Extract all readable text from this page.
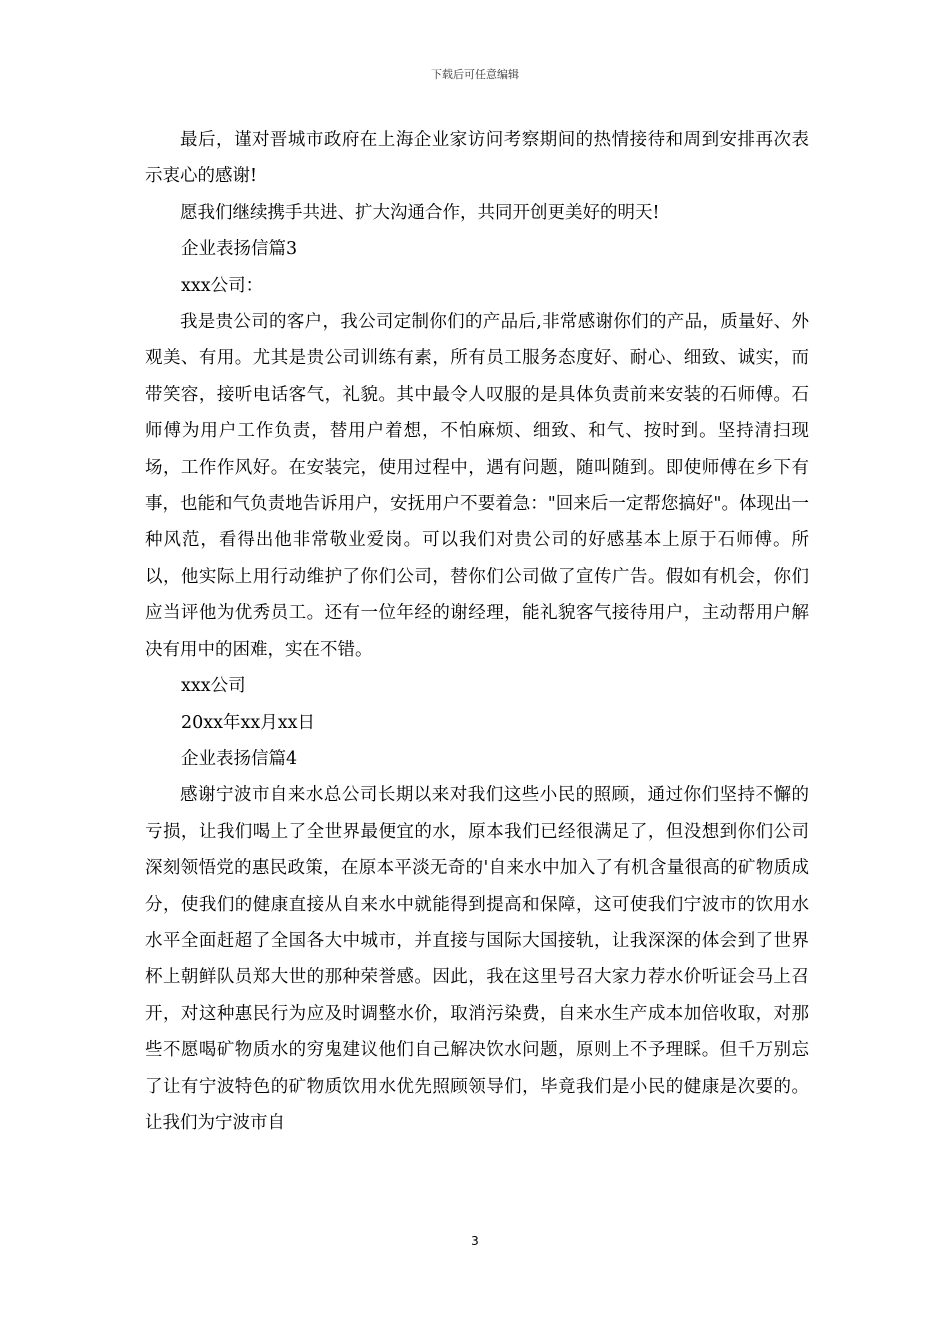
下载后可任意编辑

最后，谨对晋城市政府在上海企业家访问考察期间的热情接待和周到安排再次表示衷心的感谢!

愿我们继续携手共进、扩大沟通合作，共同开创更美好的明天!

企业表扬信篇3

xxx公司：

我是贵公司的客户，我公司定制你们的产品后,非常感谢你们的产品，质量好、外观美、有用。尤其是贵公司训练有素，所有员工服务态度好、耐心、细致、诚实，而带笑容，接听电话客气，礼貌。其中最令人叹服的是具体负责前来安装的石师傅。石师傅为用户工作负责，替用户着想，不怕麻烦、细致、和气、按时到。坚持清扫现场，工作作风好。在安装完，使用过程中，遇有问题，随叫随到。即使师傅在乡下有事，也能和气负责地告诉用户，安抚用户不要着急："回来后一定帮您搞好"。体现出一种风范，看得出他非常敬业爱岗。可以我们对贵公司的好感基本上原于石师傅。所以，他实际上用行动维护了你们公司，替你们公司做了宣传广告。假如有机会，你们应当评他为优秀员工。还有一位年经的谢经理，能礼貌客气接待用户，主动帮用户解决有用中的困难，实在不错。

xxx公司

20xx年xx月xx日

企业表扬信篇4

感谢宁波市自来水总公司长期以来对我们这些小民的照顾，通过你们坚持不懈的亏损，让我们喝上了全世界最便宜的水，原本我们已经很满足了，但没想到你们公司深刻领悟党的惠民政策，在原本平淡无奇的'自来水中加入了有机含量很高的矿物质成分，使我们的健康直接从自来水中就能得到提高和保障，这可使我们宁波市的饮用水水平全面赶超了全国各大中城市，并直接与国际大国接轨，让我深深的体会到了世界杯上朝鲜队员郑大世的那种荣誉感。因此，我在这里号召大家力荐水价听证会马上召开，对这种惠民行为应及时调整水价，取消污染费，自来水生产成本加倍收取，对那些不愿喝矿物质水的穷鬼建议他们自己解决饮水问题，原则上不予理睬。但千万别忘了让有宁波特色的矿物质饮用水优先照顾领导们，毕竟我们是小民的健康是次要的。让我们为宁波市自

3
